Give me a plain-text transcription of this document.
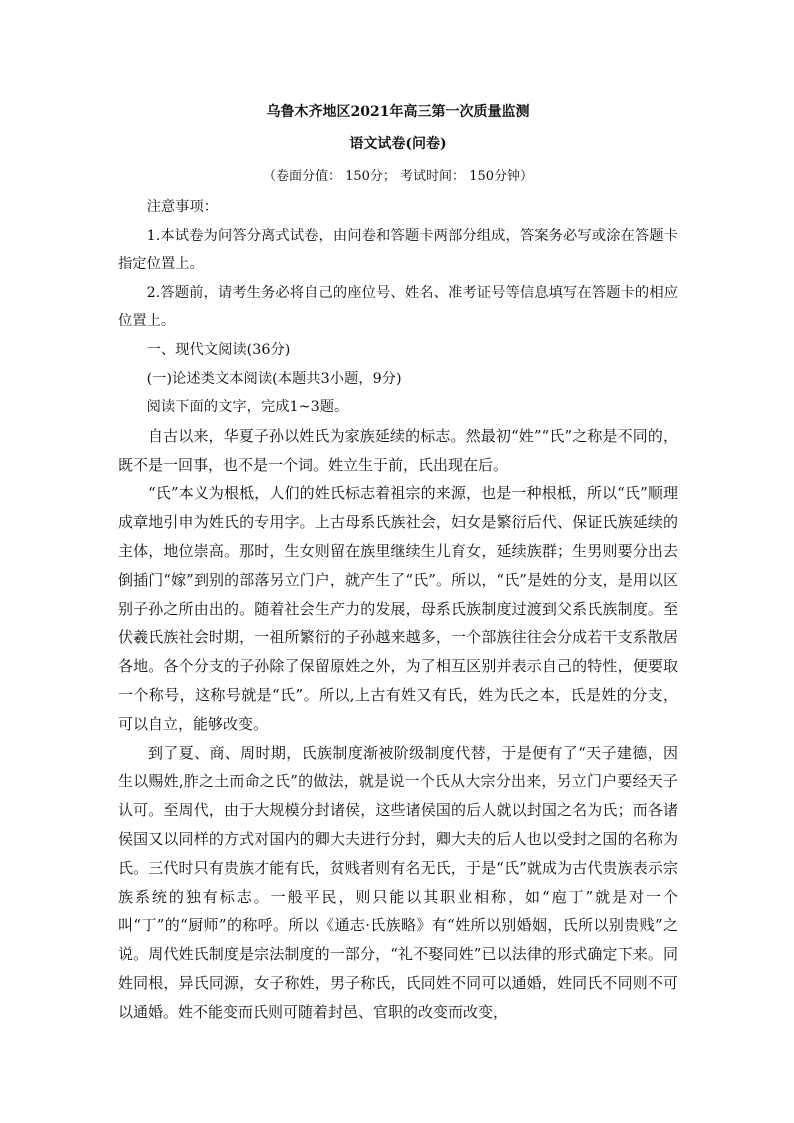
乌鲁木齐地区2021年高三第一次质量监测

语文试卷(问卷)

（卷面分值： 150分； 考试时间： 150分钟）

注意事项：

1.本试卷为问答分离式试卷，由问卷和答题卡两部分组成，答案务必写或涂在答题卡指定位置上。

2.答题前，请考生务必将自己的座位号、姓名、准考证号等信息填写在答题卡的相应位置上。

一、现代文阅读(36分)

(一)论述类文本阅读(本题共3小题，9分)

阅读下面的文字，完成1~3题。

自古以来，华夏子孙以姓氏为家族延续的标志。然最初“姓”“氏”之称是不同的，既不是一回事，也不是一个词。姓立生于前，氏出现在后。

“氏”本义为根柢，人们的姓氏标志着祖宗的来源，也是一种根柢，所以“氏”顺理成章地引申为姓氏的专用字。上古母系氏族社会，妇女是繁衍后代、保证氏族延续的主体，地位崇高。那时，生女则留在族里继续生儿育女，延续族群；生男则要分出去倒插门“嫁”到别的部落另立门户，就产生了“氏”。所以，“氏”是姓的分支，是用以区别子孙之所由出的。随着社会生产力的发展，母系氏族制度过渡到父系氏族制度。至伏羲氏族社会时期，一祖所繁衍的子孙越来越多，一个部族往往会分成若干支系散居各地。各个分支的子孙除了保留原姓之外，为了相互区别并表示自己的特性，便要取一个称号，这称号就是“氏”。所以,上古有姓又有氏，姓为氏之本，氏是姓的分支，可以自立，能够改变。

到了夏、商、周时期，氏族制度渐被阶级制度代替，于是便有了“天子建德，因生以赐姓,胙之土而命之氏”的做法，就是说一个氏从大宗分出来，另立门户要经天子认可。至周代，由于大规模分封诸侯，这些诸侯国的后人就以封国之名为氏；而各诸侯国又以同样的方式对国内的卿大夫进行分封，卿大夫的后人也以受封之国的名称为氏。三代时只有贵族才能有氏，贫贱者则有名无氏，于是“氏”就成为古代贵族表示宗族系统的独有标志。一般平民，则只能以其职业相称，如“庖丁”就是对一个叫“丁”的“厨师”的称呼。所以《通志·氏族略》有“姓所以别婚姻，氏所以别贵贱”之说。周代姓氏制度是宗法制度的一部分，“礼不娶同姓”已以法律的形式确定下来。同姓同根，异氏同源，女子称姓，男子称氏，氏同姓不同可以通婚，姓同氏不同则不可以通婚。姓不能变而氏则可随着封邑、官职的改变而改变，
